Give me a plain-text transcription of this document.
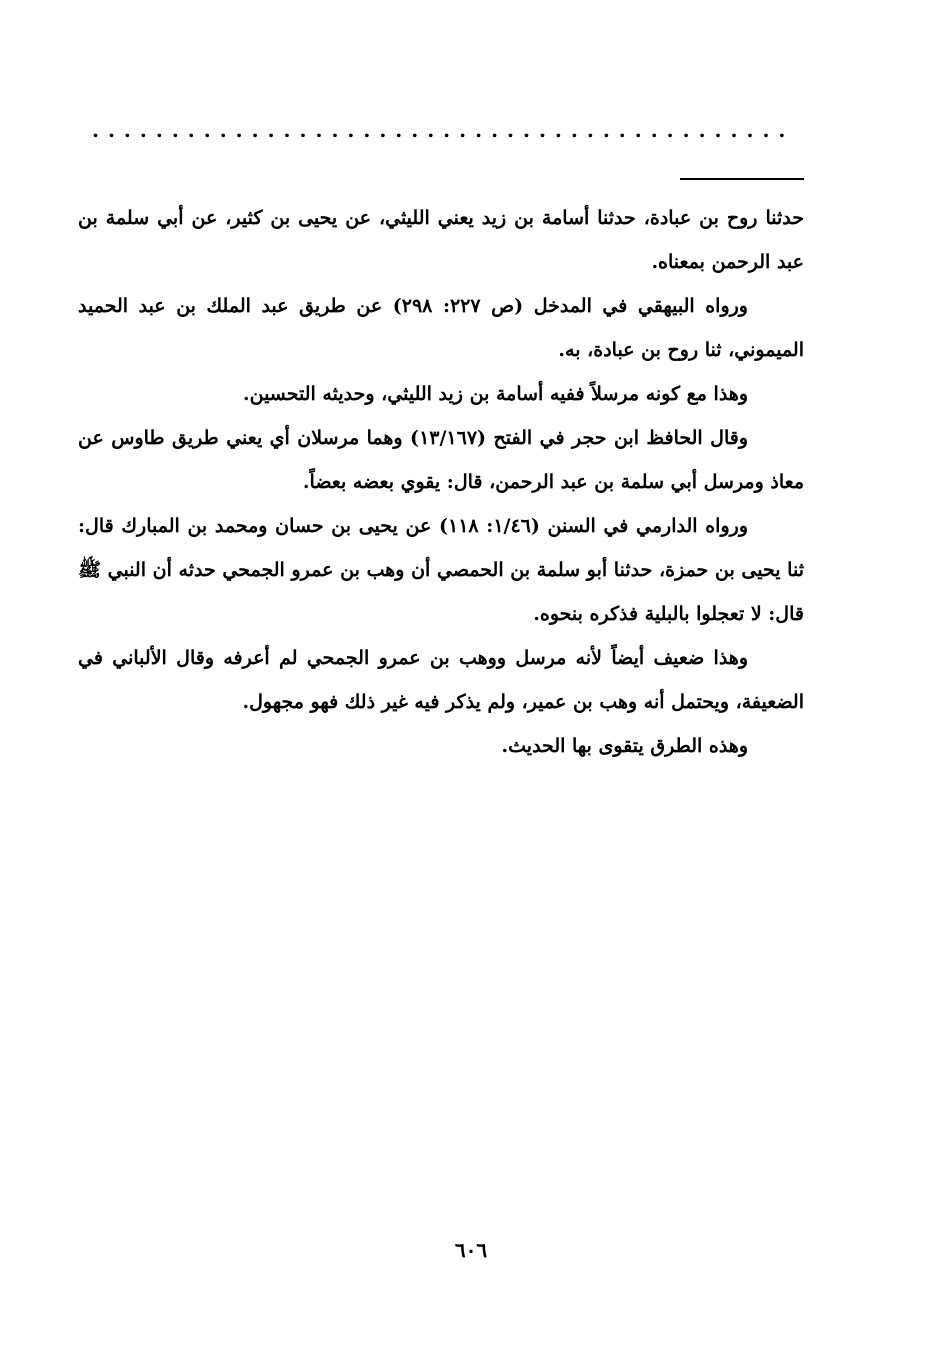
............................................

حدثنا روح بن عبادة، حدثنا أسامة بن زيد يعني الليثي، عن يحيى بن كثير، عن أبي سلمة بن عبد الرحمن بمعناه.

ورواه البيهقي في المدخل (ص ٢٢٧: ٢٩٨) عن طريق عبد الملك بن عبد الحميد الميموني، ثنا روح بن عبادة، به.

وهذا مع كونه مرسلاً ففيه أسامة بن زيد الليثي، وحديثه التحسين.

وقال الحافظ ابن حجر في الفتح (١٣/١٦٧) وهما مرسلان أي يعني طريق طاوس عن معاذ ومرسل أبي سلمة بن عبد الرحمن، قال: يقوي بعضه بعضاً.

ورواه الدارمي في السنن (١/٤٦: ١١٨) عن يحيى بن حسان ومحمد بن المبارك قال: ثنا يحيى بن حمزة، حدثنا أبو سلمة بن الحمصي أن وهب بن عمرو الجمحي حدثه أن النبي ﷺ قال: لا تعجلوا بالبلية فذكره بنحوه.

وهذا ضعيف أيضاً لأنه مرسل ووهب بن عمرو الجمحي لم أعرفه وقال الألباني في الضعيفة، ويحتمل أنه وهب بن عمير، ولم يذكر فيه غير ذلك فهو مجهول.

وهذه الطرق يتقوى بها الحديث.

٦٠٦
